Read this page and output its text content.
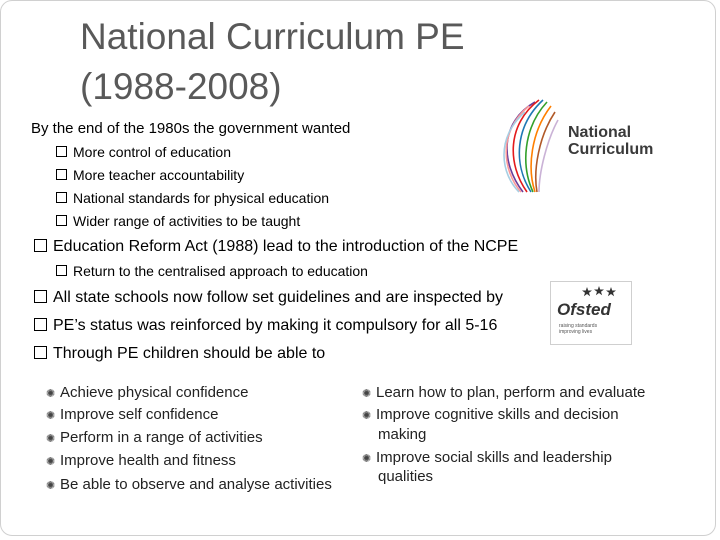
National Curriculum PE
(1988-2008)
National
Curriculum
By the end of the 1980s the government wanted
More control of education
More teacher accountability
National standards for physical education
Wider range of activities to be taught
Education Reform Act (1988) lead to the introduction of the NCPE
Return to the centralised approach to education
All state schools now follow set guidelines and are inspected by
PE’s status was reinforced by making it compulsory for all 5-16
Through PE children should be able to
Ofsted
raising standards
improving lives
✺ Achieve physical confidence
✺ Improve self confidence
✺ Perform in a range of activities
✺ Improve health and fitness
✺ Be able to observe and analyse activities
✺ Learn how to plan, perform and evaluate
✺ Improve cognitive skills and decision
making
✺ Improve social skills and leadership
qualities
